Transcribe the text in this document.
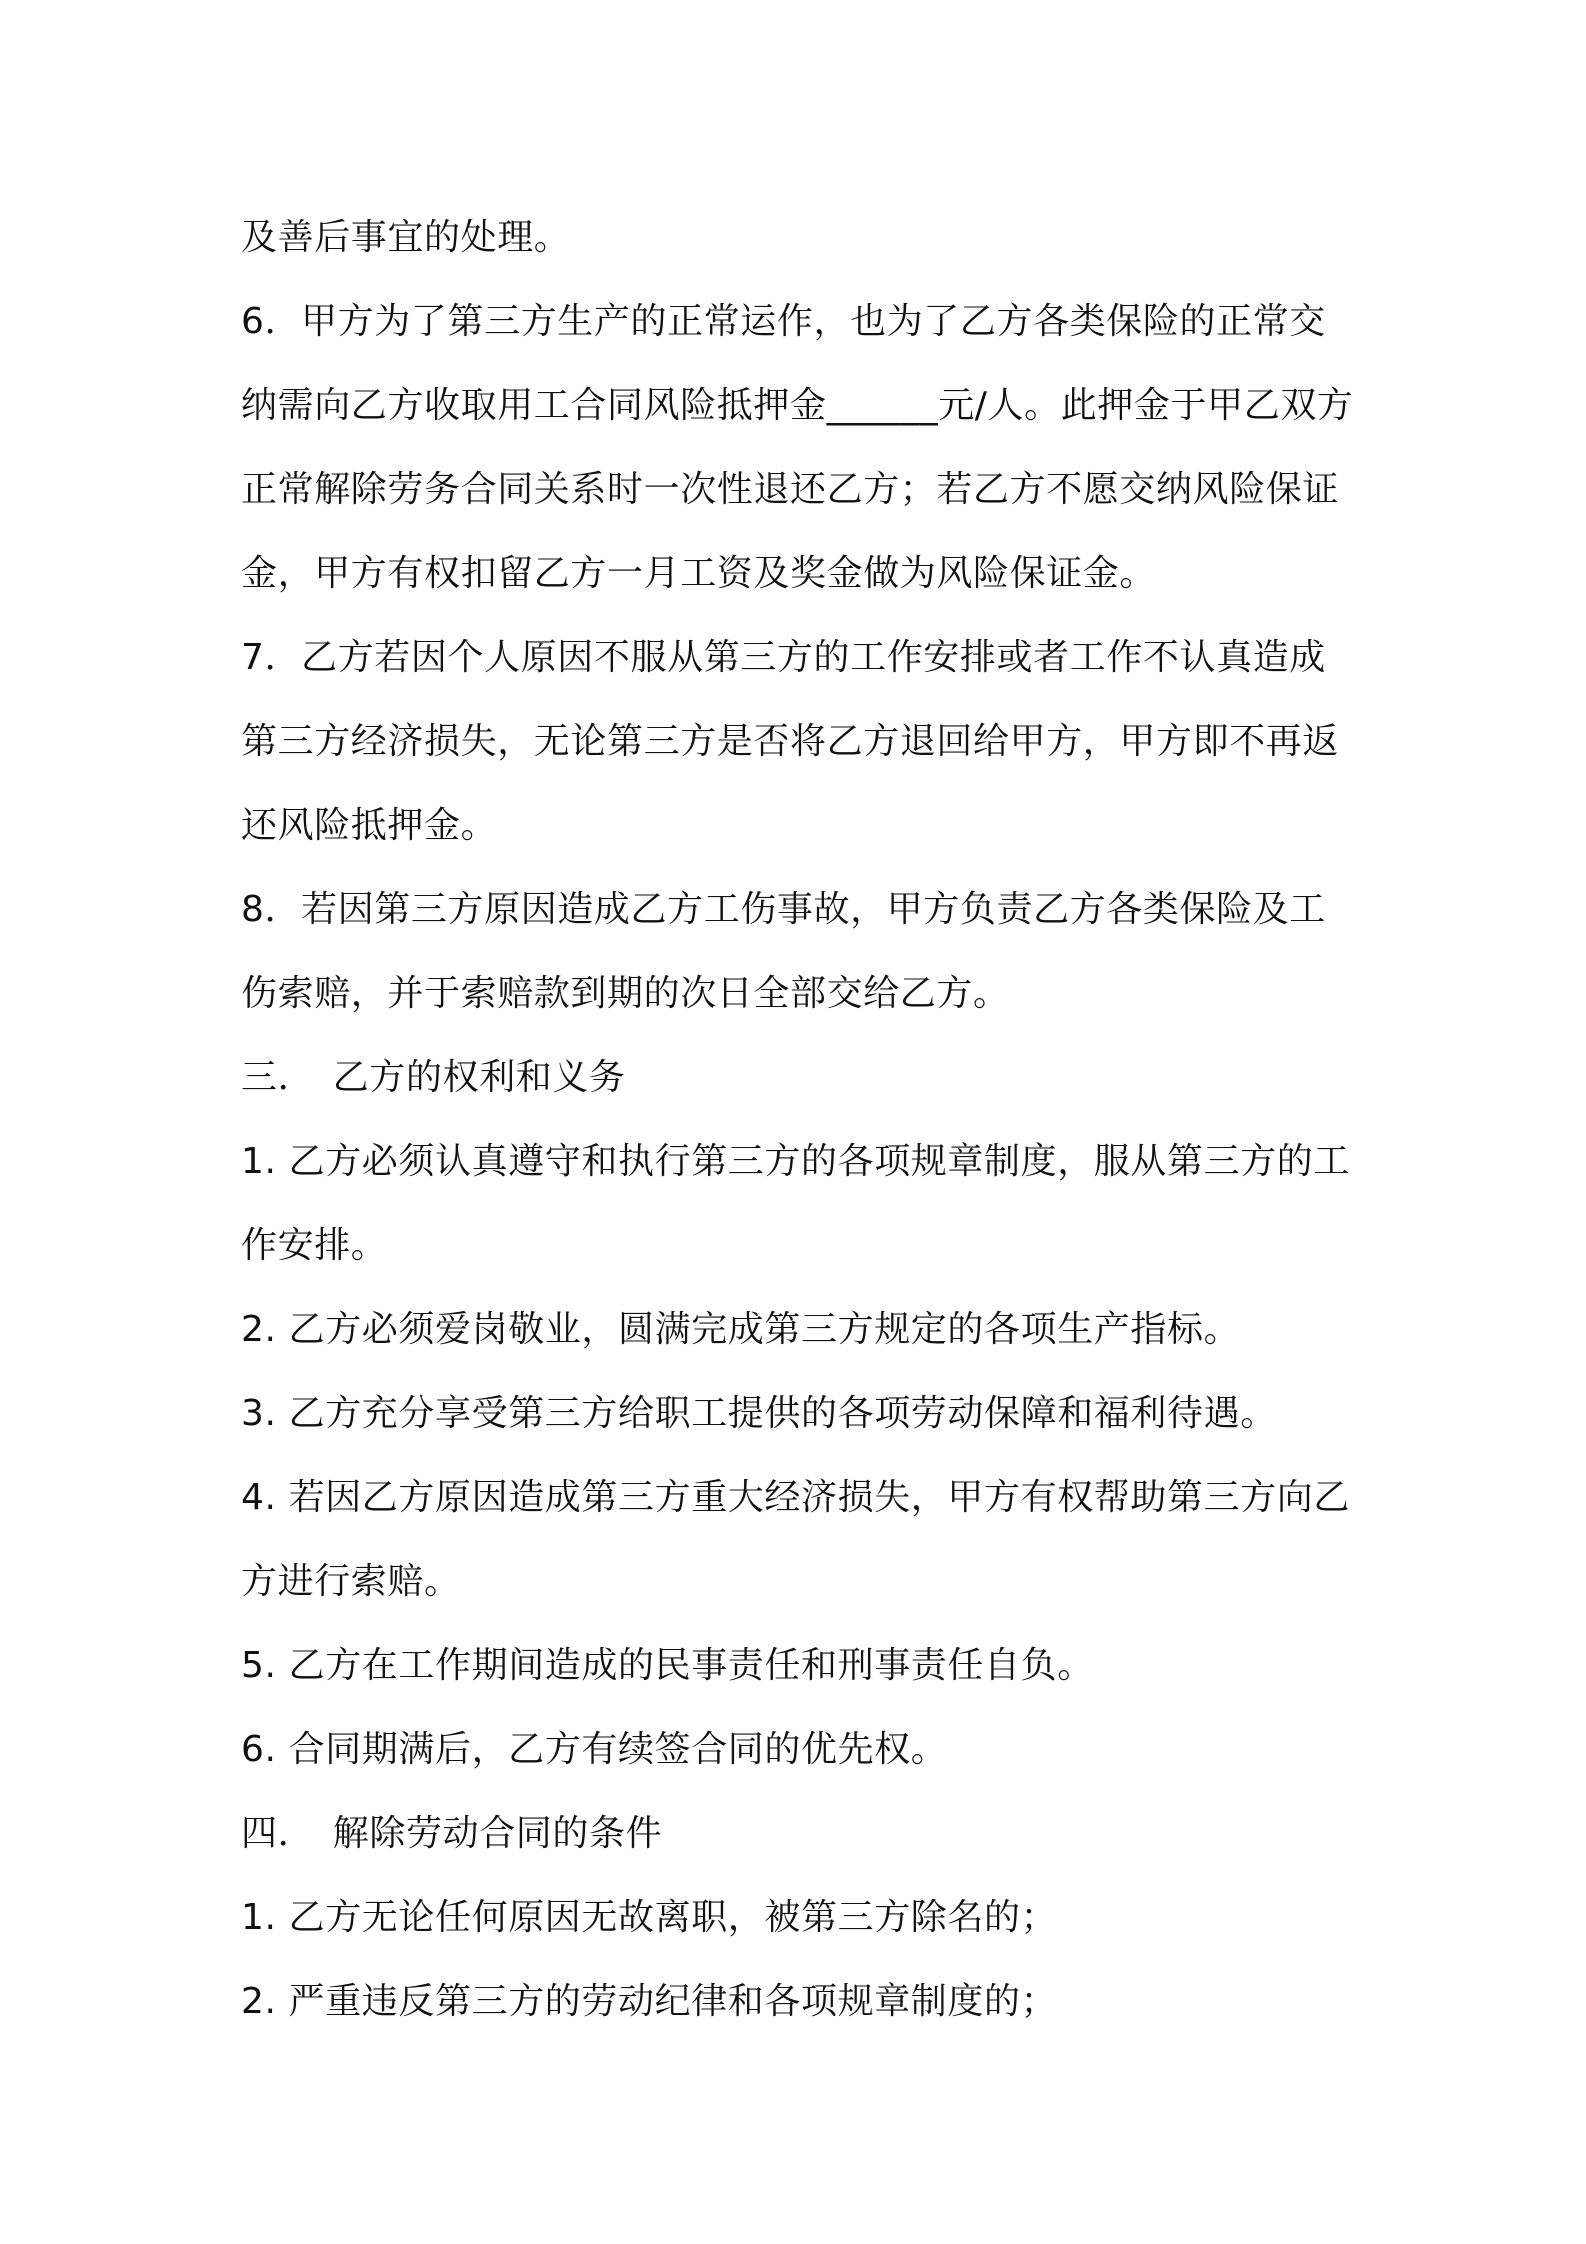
及善后事宜的处理。

6．甲方为了第三方生产的正常运作，也为了乙方各类保险的正常交纳需向乙方收取用工合同风险抵押金______元/人。此押金于甲乙双方正常解除劳务合同关系时一次性退还乙方；若乙方不愿交纳风险保证金，甲方有权扣留乙方一月工资及奖金做为风险保证金。

7．乙方若因个人原因不服从第三方的工作安排或者工作不认真造成第三方经济损失，无论第三方是否将乙方退回给甲方，甲方即不再返还风险抵押金。

8．若因第三方原因造成乙方工伤事故，甲方负责乙方各类保险及工伤索赔，并于索赔款到期的次日全部交给乙方。

三．　乙方的权利和义务

1. 乙方必须认真遵守和执行第三方的各项规章制度，服从第三方的工作安排。

2. 乙方必须爱岗敬业，圆满完成第三方规定的各项生产指标。

3. 乙方充分享受第三方给职工提供的各项劳动保障和福利待遇。

4. 若因乙方原因造成第三方重大经济损失，甲方有权帮助第三方向乙方进行索赔。

5. 乙方在工作期间造成的民事责任和刑事责任自负。

6. 合同期满后，乙方有续签合同的优先权。

四．　解除劳动合同的条件

1. 乙方无论任何原因无故离职，被第三方除名的；

2. 严重违反第三方的劳动纪律和各项规章制度的；
